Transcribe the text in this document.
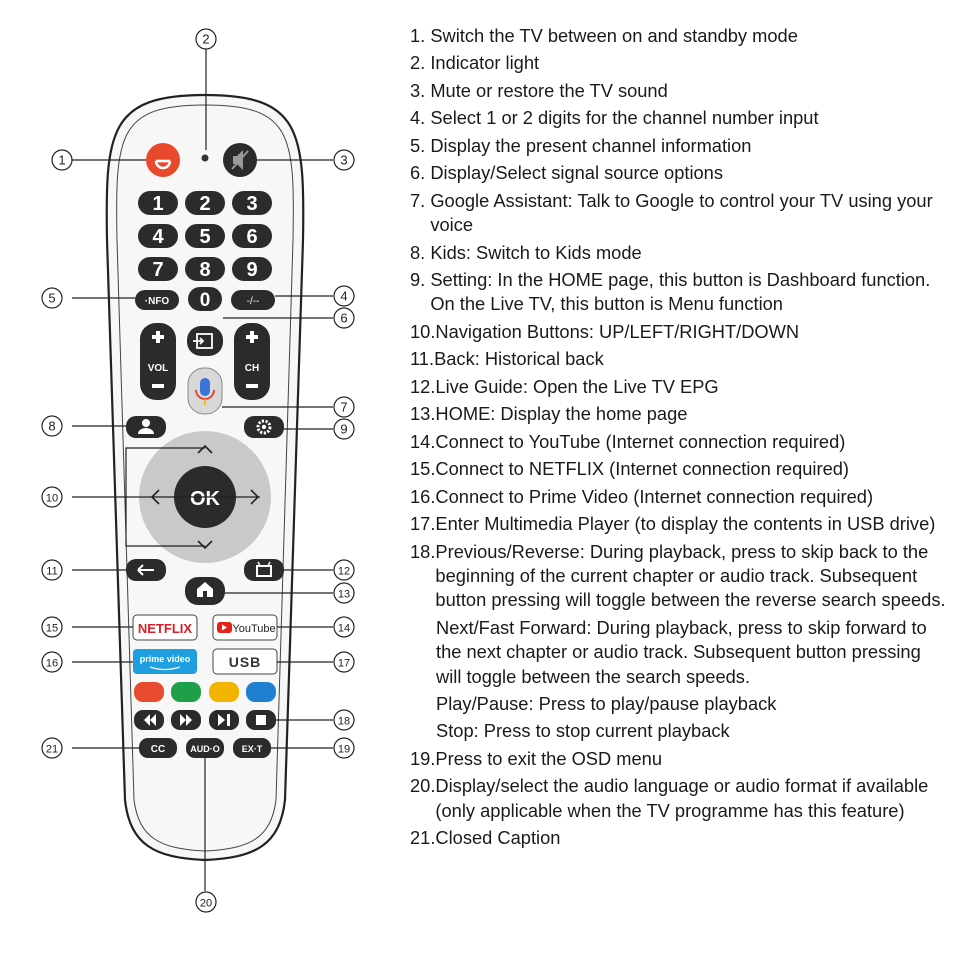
1 2 3
4 5 6
7 8 9
·NFO 0	-/--
VOL	CH
OK
NETFLIX	YouTube
prime video	USB
CC	AUD·O EX·T
1
2
3
4
5
6
7
8	9
10
11	12
13
14
15
16	17
18
19
20
21
1. Switch the TV between on and standby mode
2. Indicator light
3. Mute or restore the TV sound
4. Select 1 or 2 digits for the channel number input
5. Display the present channel information
6. Display/Select signal source options
7. Google Assistant: Talk to Google to control your TV using your voice
8. Kids: Switch to Kids mode
9. Setting: In the HOME page, this button is Dashboard function. On the Live TV, this button is Menu function
10. Navigation Buttons: UP/LEFT/RIGHT/DOWN
11. Back: Historical back
12. Live Guide: Open the Live TV EPG
13. HOME: Display the home page
14. Connect to YouTube (Internet connection required)
15. Connect to NETFLIX (Internet connection required)
16. Connect to Prime Video (Internet connection required)
17. Enter Multimedia Player (to display the contents in USB drive)
18. Previous/Reverse: During playback, press to skip back to the beginning of the current chapter or audio track. Subsequent button pressing will toggle between the reverse search speeds.
Next/Fast Forward: During playback, press to skip forward to the next chapter or audio track. Subsequent button pressing will toggle between the search speeds.
Play/Pause: Press to play/pause playback
Stop: Press to stop current playback
19. Press to exit the OSD menu
20. Display/select the audio language or audio format if available (only applicable when the TV programme has this feature)
21. Closed Caption
